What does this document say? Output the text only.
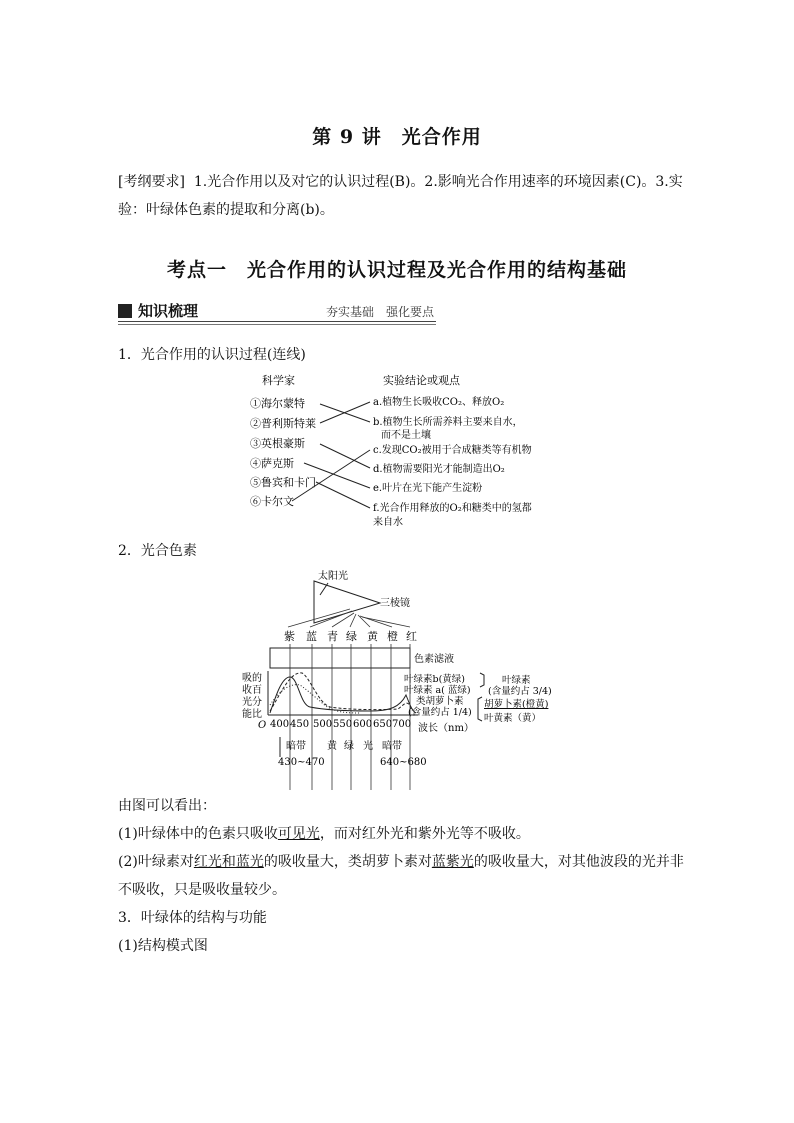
第 9 讲　光合作用
[考纲要求] 1.光合作用以及对它的认识过程(B)。2.影响光合作用速率的环境因素(C)。3.实
验：叶绿体色素的提取和分离(b)。
考点一　光合作用的认识过程及光合作用的结构基础
知识梳理	夯实基础　强化要点
1．光合作用的认识过程(连线)
科学家	实验结论或观点
①海尔蒙特
②普利斯特莱
③英根豪斯
④萨克斯
⑤鲁宾和卡门
⑥卡尔文
a.植物生长吸收CO₂、释放O₂
b.植物生长所需养料主要来自水，
而不是土壤
c.发现CO₂被用于合成糖类等有机物
d.植物需要阳光才能制造出O₂
e.叶片在光下能产生淀粉
f.光合作用释放的O₂和糖类中的氢都
来自水
2．光合色素
太阳光
三棱镜
紫 蓝 青 绿 黄 橙 红
色素滤液
吸的
收百
光分
能比
O 400 450 500 550 600 650 700 波长（nm）
叶绿素b(黄绿)
叶绿素 a( 蓝绿)
类胡萝卜素
(含量约占 1/4)
叶绿素
(含量约占 3/4)
胡萝卜素(橙黄)
叶黄素（黄）
暗带 黄 绿 光 暗带
430~470	640~680
由图可以看出：
(1)叶绿体中的色素只吸收可见光，而对红外光和紫外光等不吸收。
(2)叶绿素对红光和蓝光的吸收量大，类胡萝卜素对蓝紫光的吸收量大，对其他波段的光并非
不吸收，只是吸收量较少。
3．叶绿体的结构与功能
(1)结构模式图
